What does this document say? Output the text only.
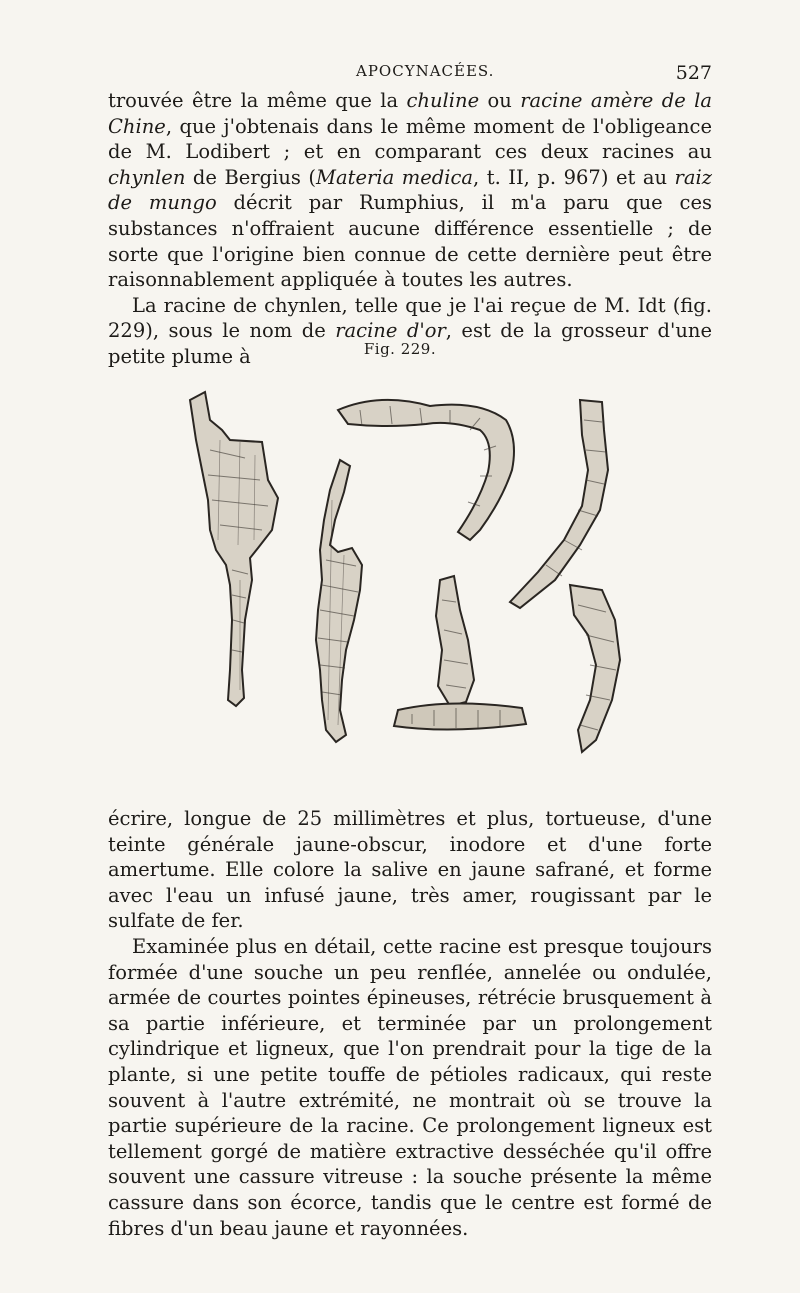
APOCYNACÉES.	527

trouvée être la même que la chuline ou racine amère de la Chine, que j'obtenais dans le même moment de l'obligeance de M. Lodibert ; et en comparant ces deux racines au chynlen de Bergius (Materia medica, t. II, p. 967) et au raiz de mungo décrit par Rumphius, il m'a paru que ces substances n'offraient aucune différence essentielle ; de sorte que l'origine bien connue de cette dernière peut être raisonnablement appliquée à toutes les autres.

La racine de chynlen, telle que je l'ai reçue de M. Idt (fig. 229), sous le nom de racine d'or, est de la grosseur d'une petite plume à	Fig. 229.

écrire, longue de 25 millimètres et plus, tortueuse, d'une teinte générale jaune-obscur, inodore et d'une forte amertume. Elle colore la salive en jaune safrané, et forme avec l'eau un infusé jaune, très amer, rougissant par le sulfate de fer.

Examinée plus en détail, cette racine est presque toujours formée d'une souche un peu renflée, annelée ou ondulée, armée de courtes pointes épineuses, rétrécie brusquement à sa partie inférieure, et terminée par un prolongement cylindrique et ligneux, que l'on prendrait pour la tige de la plante, si une petite touffe de pétioles radicaux, qui reste souvent à l'autre extrémité, ne montrait où se trouve la partie supérieure de la racine. Ce prolongement ligneux est tellement gorgé de matière extractive desséchée qu'il offre souvent une cassure vitreuse : la souche présente la même cassure dans son écorce, tandis que le centre est formé de fibres d'un beau jaune et rayonnées.
